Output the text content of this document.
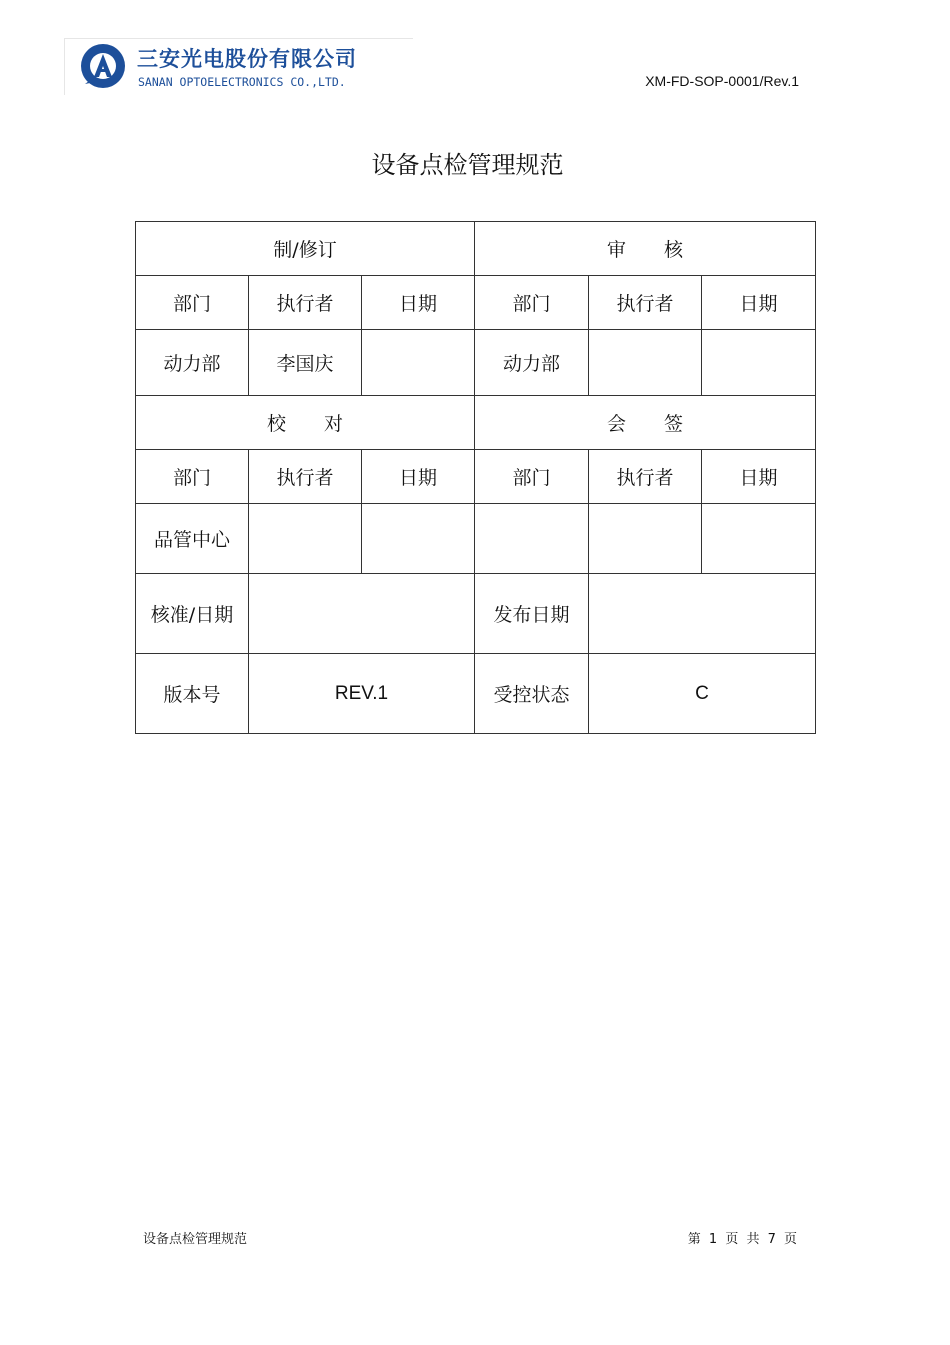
三安光电股份有限公司
SANAN OPTOELECTRONICS CO.,LTD.	XM-FD-SOP-0001/Rev.1
设备点检管理规范
制/修订			审　　核		
部门	执行者	日期	部门	执行者	日期
动力部	李国庆		动力部		
校　　对			会　　签		
部门	执行者	日期	部门	执行者	日期
品管中心					
核准/日期			发布日期		
版本号	REV.1		受控状态	C	
设备点检管理规范	第 1 页 共 7 页
